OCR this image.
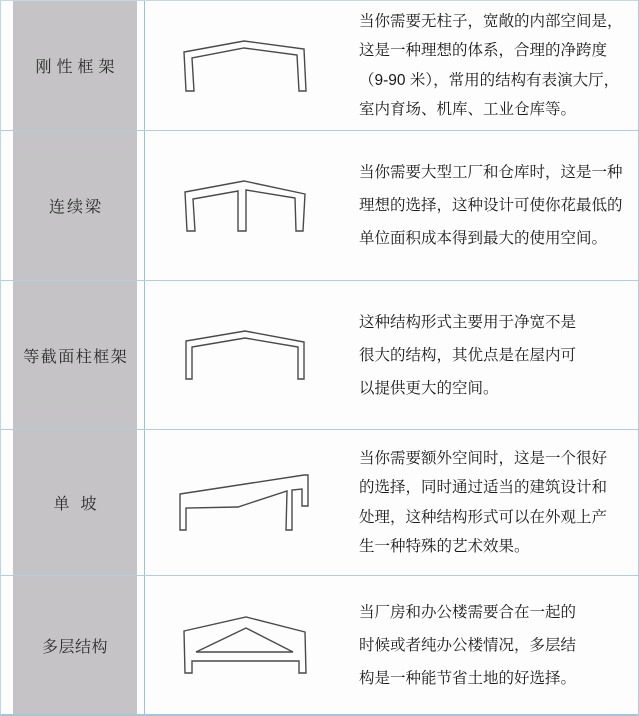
刚性框架
当你需要无柱子，宽敞的内部空间是，
这是一种理想的体系，合理的净跨度
（9-90 米），常用的结构有表演大厅，
室内育场、机库、工业仓库等。
连续梁
当你需要大型工厂和仓库时，这是一种
理想的选择，这种设计可使你花最低的
单位面积成本得到最大的使用空间。
等截面柱框架
这种结构形式主要用于净宽不是
很大的结构，其优点是在屋内可
以提供更大的空间。
单坡
当你需要额外空间时，这是一个很好
的选择，同时通过适当的建筑设计和
处理，这种结构形式可以在外观上产
生一种特殊的艺术效果。
多层结构
当厂房和办公楼需要合在一起的
时候或者纯办公楼情况，多层结
构是一种能节省土地的好选择。
